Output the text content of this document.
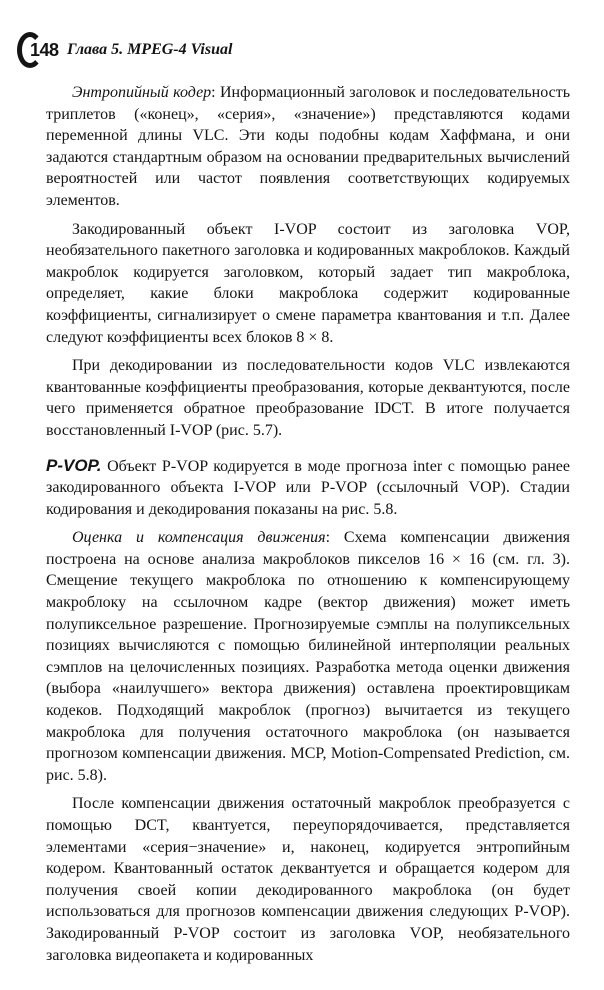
148 Глава 5. MPEG-4 Visual

Энтропийный кодер: Информационный заголовок и последовательность триплетов («конец», «серия», «значение») представляются кодами переменной длины VLC. Эти коды подобны кодам Хаффмана, и они задаются стандартным образом на основании предварительных вычислений вероятностей или частот появления соответствующих кодируемых элементов.

Закодированный объект I-VOP состоит из заголовка VOP, необязательного пакетного заголовка и кодированных макроблоков. Каждый макроблок кодируется заголовком, который задает тип макроблока, определяет, какие блоки макроблока содержит кодированные коэффициенты, сигнализирует о смене параметра квантования и т.п. Далее следуют коэффициенты всех блоков 8 × 8.

При декодировании из последовательности кодов VLC извлекаются квантованные коэффициенты преобразования, которые деквантуются, после чего применяется обратное преобразование IDCT. В итоге получается восстановленный I-VOP (рис. 5.7).

P-VOP. Объект P-VOP кодируется в моде прогноза inter с помощью ранее закодированного объекта I-VOP или P-VOP (ссылочный VOP). Стадии кодирования и декодирования показаны на рис. 5.8.

Оценка и компенсация движения: Схема компенсации движения построена на основе анализа макроблоков пикселов 16 × 16 (см. гл. 3). Смещение текущего макроблока по отношению к компенсирующему макроблоку на ссылочном кадре (вектор движения) может иметь полупиксельное разрешение. Прогнозируемые сэмплы на полупиксельных позициях вычисляются с помощью билинейной интерполяции реальных сэмплов на целочисленных позициях. Разработка метода оценки движения (выбора «наилучшего» вектора движения) оставлена проектировщикам кодеков. Подходящий макроблок (прогноз) вычитается из текущего макроблока для получения остаточного макроблока (он называется прогнозом компенсации движения. MCP, Motion-Compensated Prediction, см. рис. 5.8).

После компенсации движения остаточный макроблок преобразуется с помощью DCT, квантуется, переупорядочивается, представляется элементами «серия−значение» и, наконец, кодируется энтропийным кодером. Квантованный остаток деквантуется и обращается кодером для получения своей копии декодированного макроблока (он будет использоваться для прогнозов компенсации движения следующих P-VOP). Закодированный P-VOP состоит из заголовка VOP, необязательного заголовка видеопакета и кодированных
